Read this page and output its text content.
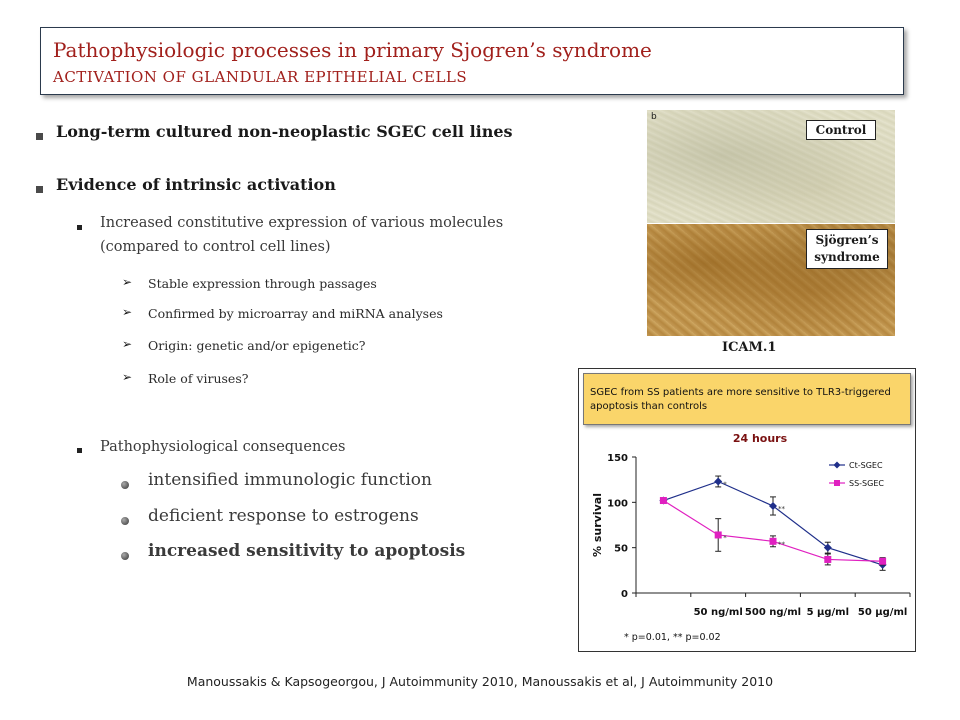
Pathophysiologic processes in primary Sjogren’s syndrome
ACTIVATION OF GLANDULAR EPITHELIAL CELLS
Long-term cultured non-neoplastic SGEC cell lines
Evidence of intrinsic activation
Increased constitutive expression of various molecules
(compared to control cell lines)
➢ Stable expression through passages
➢ Confirmed by microarray and miRNA analyses
➢ Origin: genetic and/or epigenetic?
➢ Role of viruses?
Pathophysiological consequences
intensified immunologic function
deficient response to estrogens
increased sensitivity to apoptosis
b
Control
Sjögren’s
syndrome
ICAM.1
SGEC from SS patients are more sensitive to TLR3-triggered apoptosis than controls
0
50
100
150
50 ng/ml 500 ng/ml 5 μg/ml 50 μg/ml
% survival
24 hours
*
**
*
**
Ct-SGEC
SS-SGEC
* p=0.01, ** p=0.02
Manoussakis & Kapsogeorgou, J Autoimmunity 2010, Manoussakis et al, J Autoimmunity 2010
